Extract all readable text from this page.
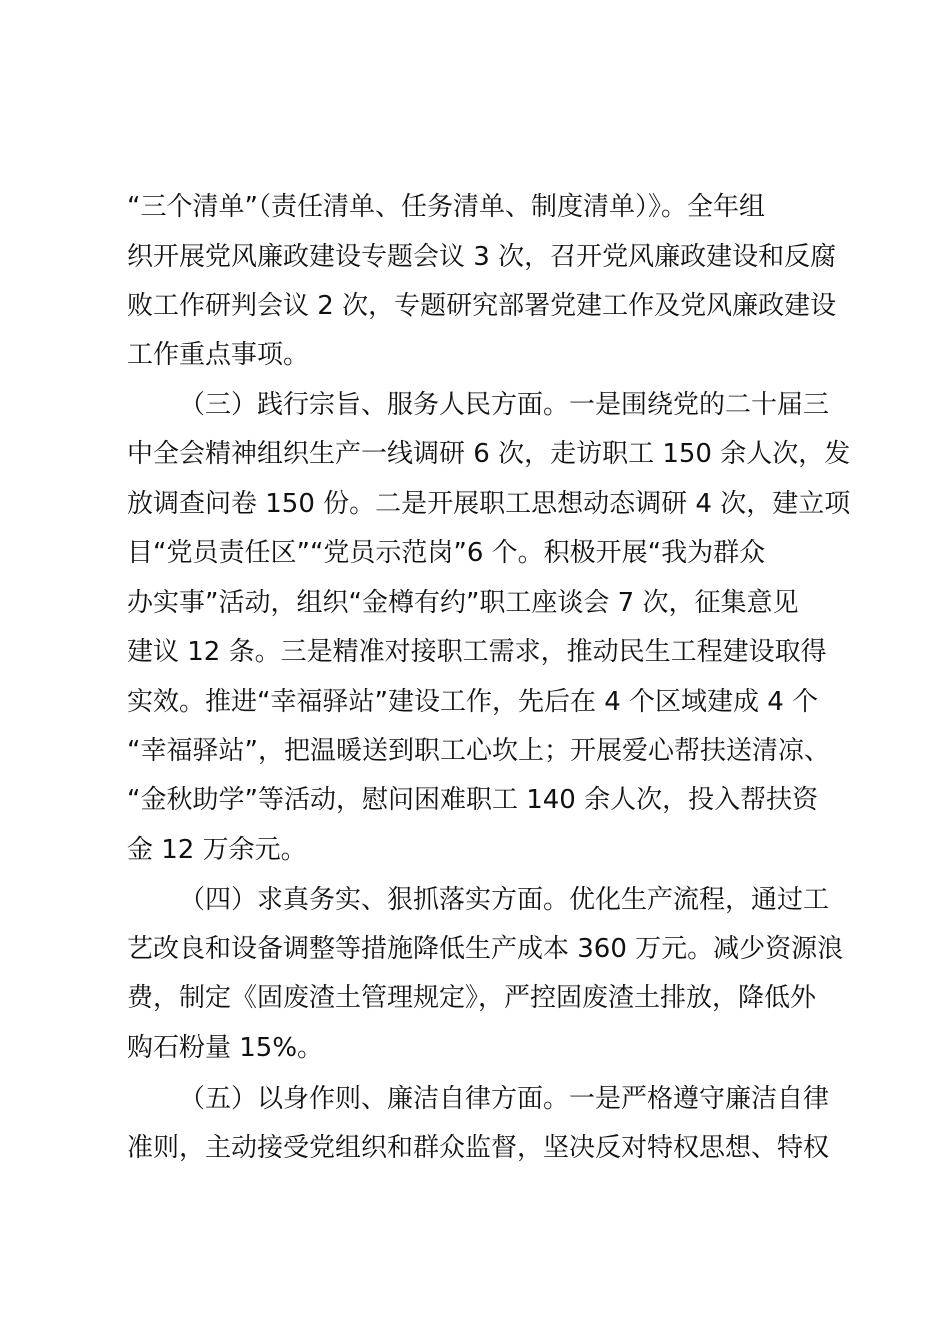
“三个清单”（责任清单、任务清单、制度清单）》。全年组
织开展党风廉政建设专题会议 3 次，召开党风廉政建设和反腐
败工作研判会议 2 次，专题研究部署党建工作及党风廉政建设
工作重点事项。
（三）践行宗旨、服务人民方面。一是围绕党的二十届三
中全会精神组织生产一线调研 6 次，走访职工 150 余人次，发
放调查问卷 150 份。二是开展职工思想动态调研 4 次，建立项
目“党员责任区”“党员示范岗”6 个。积极开展“我为群众
办实事”活动，组织“金樽有约”职工座谈会 7 次，征集意见
建议 12 条。三是精准对接职工需求，推动民生工程建设取得
实效。推进“幸福驿站”建设工作，先后在 4 个区域建成 4 个
“幸福驿站”，把温暖送到职工心坎上；开展爱心帮扶送清凉、
“金秋助学”等活动，慰问困难职工 140 余人次，投入帮扶资
金 12 万余元。
（四）求真务实、狠抓落实方面。优化生产流程，通过工
艺改良和设备调整等措施降低生产成本 360 万元。减少资源浪
费，制定《固废渣土管理规定》，严控固废渣土排放，降低外
购石粉量 15%。
（五）以身作则、廉洁自律方面。一是严格遵守廉洁自律
准则，主动接受党组织和群众监督，坚决反对特权思想、特权
